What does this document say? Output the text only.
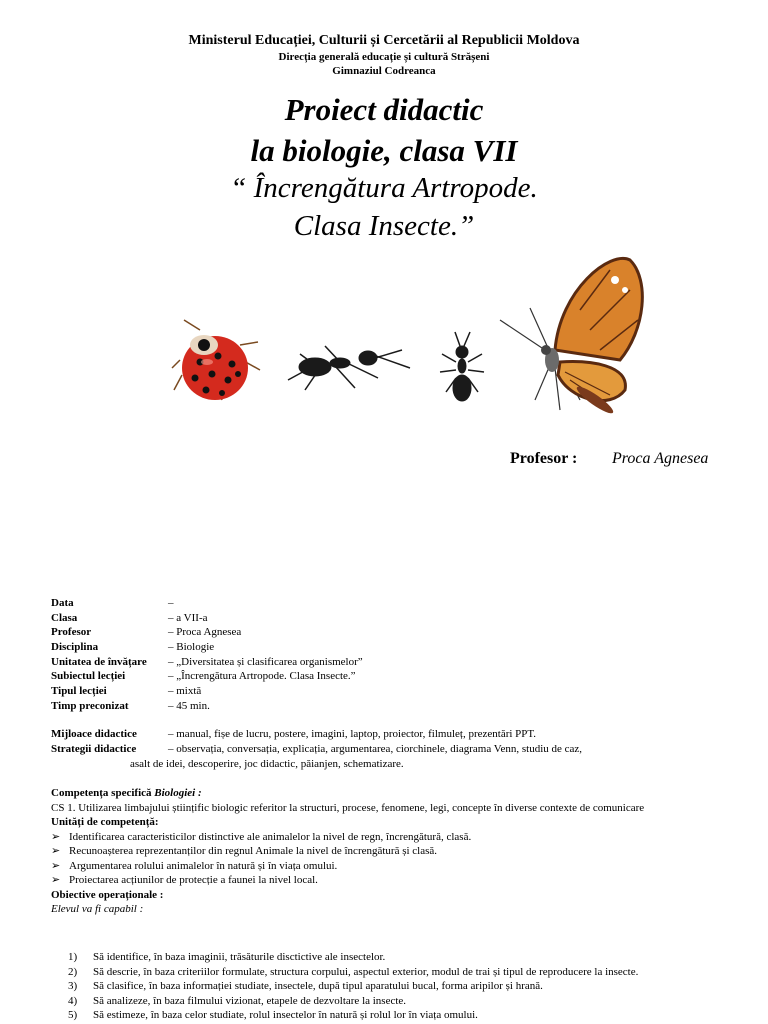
Ministerul Educației, Culturii și Cercetării al Republicii Moldova
Direcția generală educație și cultură Strășeni
Gimnaziul Codreanca
Proiect didactic
la biologie, clasa VII
“ Încrengătura Artropode.
Clasa Insecte.”
Profesor : Proca Agnesea
Data	–
Clasa	– a VII-a
Profesor	– Proca Agnesea
Disciplina	– Biologie
Unitatea de învățare – „Diversitatea și clasificarea organismelor”
Subiectul lecției	– „Încrengătura Artropode. Clasa Insecte.”
Tipul lecției	– mixtă
Timp preconizat	– 45 min.
Mijloace didactice	– manual, fișe de lucru, postere, imagini, laptop, proiector, filmuleț, prezentări PPT.
Strategii didactice	– observația, conversația, explicația, argumentarea, ciorchinele, diagrama Venn, studiu de caz,
asalt de idei, descoperire, joc didactic, păianjen, schematizare.
Competența specifică Biologiei :
CS 1. Utilizarea limbajului științific biologic referitor la structuri, procese, fenomene, legi, concepte în diverse contexte de comunicare
Unități de competență:
➢ Identificarea caracteristicilor distinctive ale animalelor la nivel de regn, încrengătură, clasă.
➢ Recunoașterea reprezentanților din regnul Animale la nivel de încrengătură și clasă.
➢ Argumentarea rolului animalelor în natură și în viața omului.
➢ Proiectarea acțiunilor de protecție a faunei la nivel local.
Obiective operaționale :
Elevul va fi capabil :
1) Să identifice, în baza imaginii, trăsăturile disctictive ale insectelor.
2) Să descrie, în baza criteriilor formulate, structura corpului, aspectul exterior, modul de trai și tipul de reproducere la insecte.
3) Să clasifice, în baza informației studiate, insectele, după tipul aparatului bucal, forma aripilor și hrană.
4) Să analizeze, în baza filmului vizionat, etapele de dezvoltare la insecte.
5) Să estimeze, în baza celor studiate, rolul insectelor în natură și rolul lor în viața omului.
